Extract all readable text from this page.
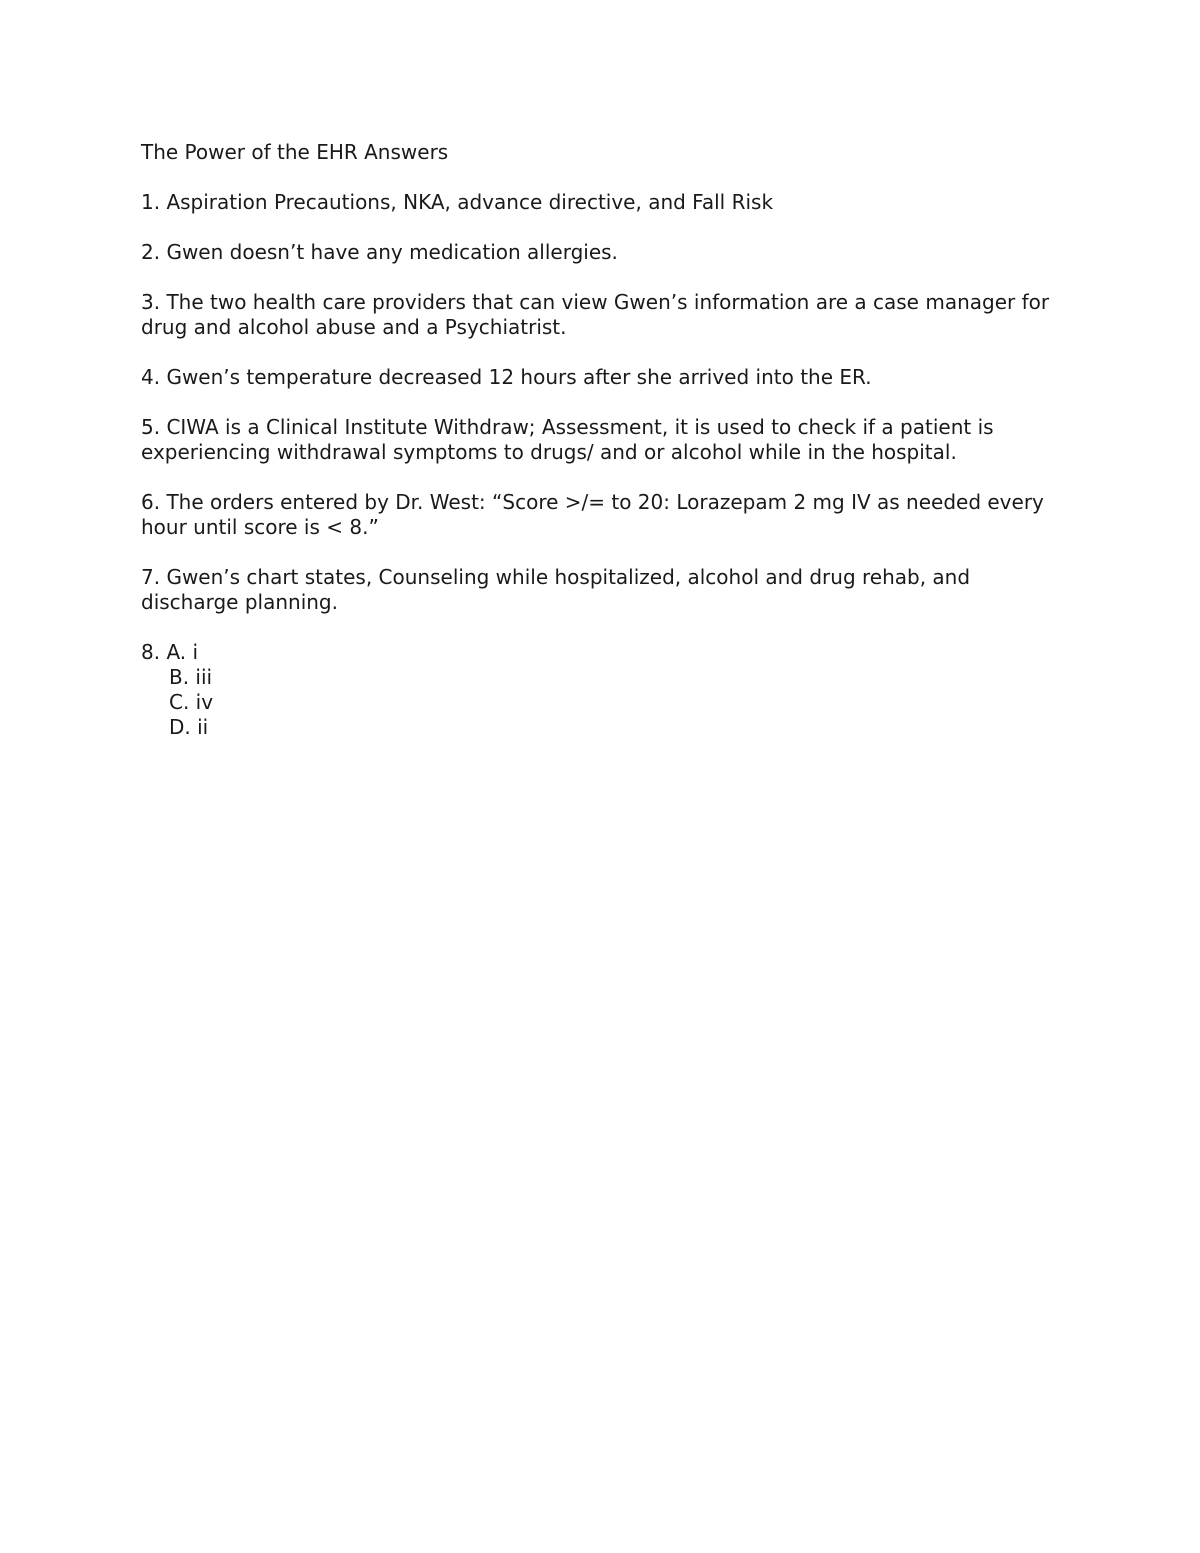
The Power of the EHR Answers

1. Aspiration Precautions, NKA, advance directive, and Fall Risk

2. Gwen doesn’t have any medication allergies.

3. The two health care providers that can view Gwen’s information are a case manager for drug and alcohol abuse and a Psychiatrist.

4. Gwen’s temperature decreased 12 hours after she arrived into the ER.

5. CIWA is a Clinical Institute Withdraw; Assessment, it is used to check if a patient is experiencing withdrawal symptoms to drugs/ and or alcohol while in the hospital.

6. The orders entered by Dr. West: “Score >/= to 20: Lorazepam 2 mg IV as needed every hour until score is < 8.”

7. Gwen’s chart states, Counseling while hospitalized, alcohol and drug rehab, and discharge planning.

8. A. i
B. iii
C. iv
D. ii
